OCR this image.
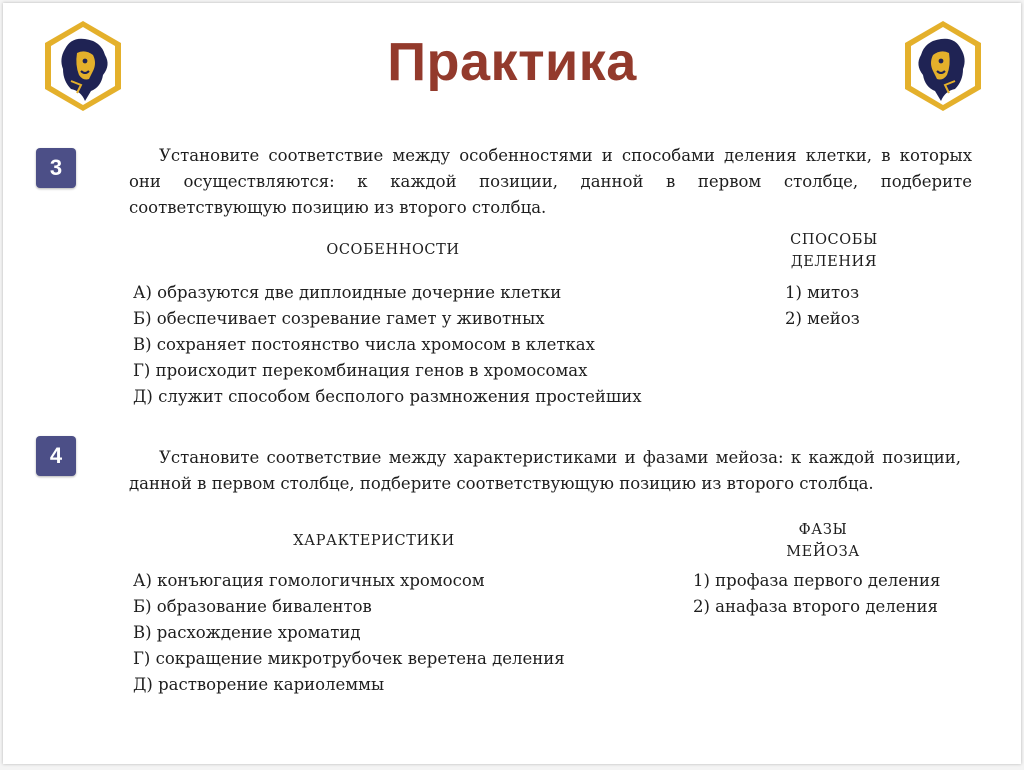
Практика
3	Установите соответствие между особенностями и способами деления клетки, в которых они осуществляются: к каждой позиции, данной в первом столбце, подберите соответствующую позицию из второго столбца.
ОСОБЕННОСТИ
СПОСОБЫ ДЕЛЕНИЯ
А) образуются две диплоидные дочерние клетки
Б) обеспечивает созревание гамет у животных
В) сохраняет постоянство числа хромосом в клетках
Г) происходит перекомбинация генов в хромосомах
Д) служит способом бесполого размножения простейших
1) митоз
2) мейоз
4	Установите соответствие между характеристиками и фазами мейоза: к каждой позиции, данной в первом столбце, подберите соответствующую позицию из второго столбца.
ХАРАКТЕРИСТИКИ
ФАЗЫ МЕЙОЗА
А) конъюгация гомологичных хромосом
Б) образование бивалентов
В) расхождение хроматид
Г) сокращение микротрубочек веретена деления
Д) растворение кариолеммы
1) профаза первого деления
2) анафаза второго деления
